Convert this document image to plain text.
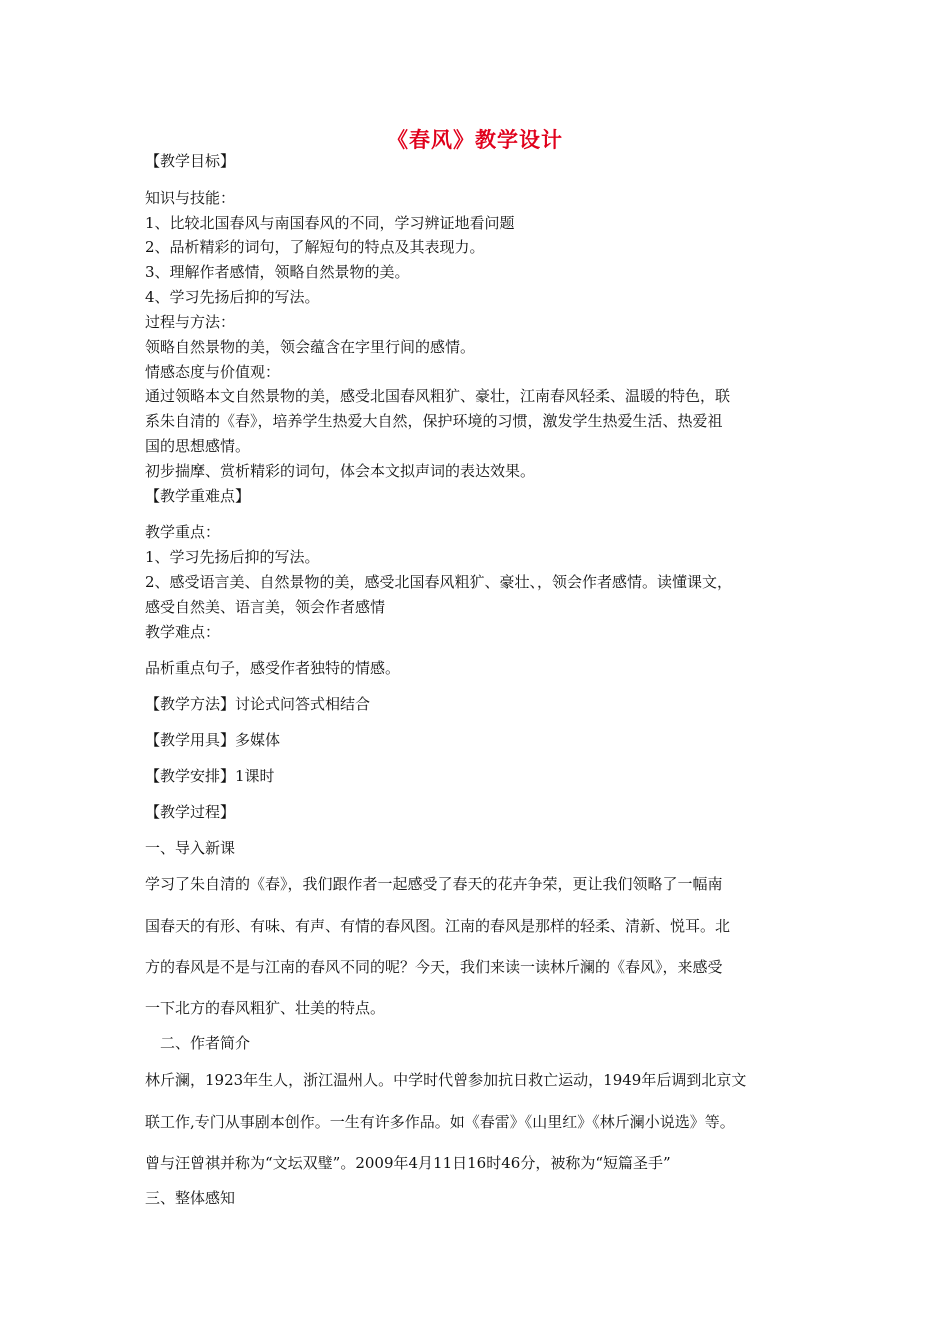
《春风》教学设计
【教学目标】
知识与技能：
1、比较北国春风与南国春风的不同，学习辨证地看问题
2、品析精彩的词句，了解短句的特点及其表现力。
3、理解作者感情，领略自然景物的美。
4、学习先扬后抑的写法。
过程与方法：
领略自然景物的美，领会蕴含在字里行间的感情。
情感态度与价值观：
通过领略本文自然景物的美，感受北国春风粗犷、豪壮，江南春风轻柔、温暖的特色，联
系朱自清的《春》，培养学生热爱大自然，保护环境的习惯，激发学生热爱生活、热爱祖
国的思想感情。
初步揣摩、赏析精彩的词句，体会本文拟声词的表达效果。
【教学重难点】
教学重点：
1、学习先扬后抑的写法。
2、感受语言美、自然景物的美，感受北国春风粗犷、豪壮、，领会作者感情。读懂课文，
感受自然美、语言美，领会作者感情
教学难点：
品析重点句子，感受作者独特的情感。
【教学方法】讨论式问答式相结合
【教学用具】多媒体
【教学安排】1课时
【教学过程】
一、导入新课
学习了朱自清的《春》，我们跟作者一起感受了春天的花卉争荣，更让我们领略了一幅南
国春天的有形、有味、有声、有情的春风图。江南的春风是那样的轻柔、清新、悦耳。北
方的春风是不是与江南的春风不同的呢？今天，我们来读一读林斤澜的《春风》，来感受
一下北方的春风粗犷、壮美的特点。
二、作者简介
林斤澜，1923年生人，浙江温州人。中学时代曾参加抗日救亡运动，1949年后调到北京文
联工作,专门从事剧本创作。一生有许多作品。如《春雷》《山里红》《林斤澜小说选》等。
曾与汪曾祺并称为“文坛双璧”。2009年4月11日16时46分，被称为“短篇圣手”
三、整体感知
